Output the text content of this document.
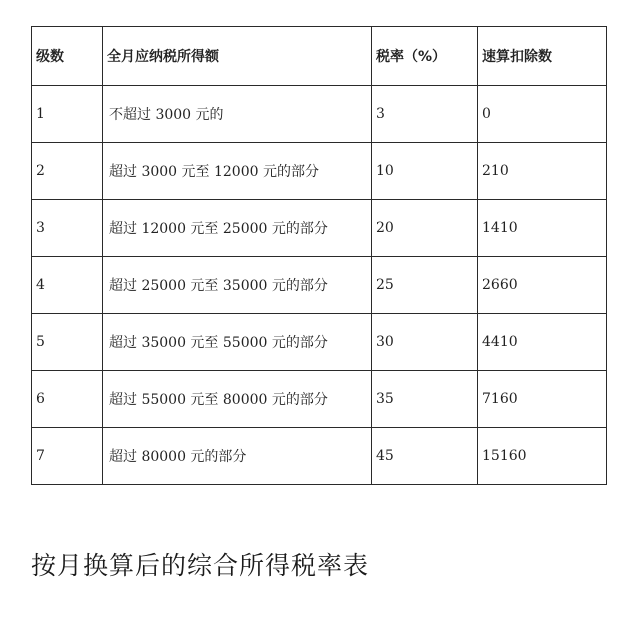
级数	全月应纳税所得额	税率（%）	速算扣除数
1	不超过 3000 元的	3	0
2	超过 3000 元至 12000 元的部分	10	210
3	超过 12000 元至 25000 元的部分	20	1410
4	超过 25000 元至 35000 元的部分	25	2660
5	超过 35000 元至 55000 元的部分	30	4410
6	超过 55000 元至 80000 元的部分	35	7160
7	超过 80000 元的部分	45	15160
按月换算后的综合所得税率表
